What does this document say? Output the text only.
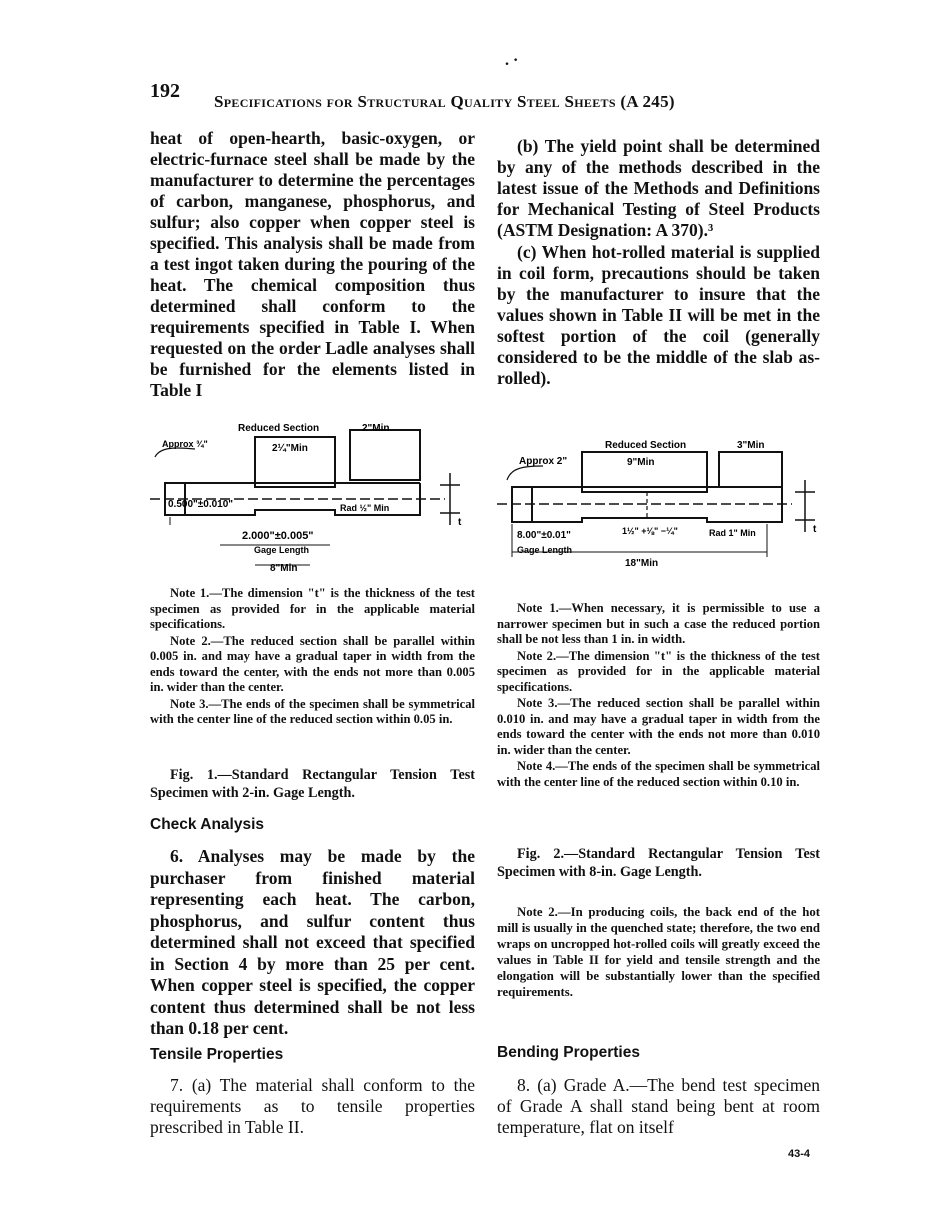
. ·
192 Specifications for Structural Quality Steel Sheets (A 245)

heat of open-hearth, basic-oxygen, or electric-furnace steel shall be made by the manufacturer to determine the percentages of carbon, manganese, phosphorus, and sulfur; also copper when copper steel is specified. This analysis shall be made from a test ingot taken during the pouring of the heat. The chemical composition thus determined shall conform to the requirements specified in Table I. When requested on the order Ladle analyses shall be furnished for the elements listed in Table I

Reduced Section	2"Min
Approx ¾"	2¼"Min
0.500"±0.010"	Rad ½" Min
2.000"±0.005"
Gage Length
8"Min
t

Note 1.—The dimension "t" is the thickness of the test specimen as provided for in the applicable material specifications.

Note 2.—The reduced section shall be parallel within 0.005 in. and may have a gradual taper in width from the ends toward the center, with the ends not more than 0.005 in. wider than the center.

Note 3.—The ends of the specimen shall be symmetrical with the center line of the reduced section within 0.05 in.

Fig. 1.—Standard Rectangular Tension Test Specimen with 2-in. Gage Length.

Check Analysis

6. Analyses may be made by the purchaser from finished material representing each heat. The carbon, phosphorus, and sulfur content thus determined shall not exceed that specified in Section 4 by more than 25 per cent. When copper steel is specified, the copper content thus determined shall be not less than 0.18 per cent.

Tensile Properties

7. (a) The material shall conform to the requirements as to tensile properties prescribed in Table II.

(b) The yield point shall be determined by any of the methods described in the latest issue of the Methods and Definitions for Mechanical Testing of Steel Products (ASTM Designation: A 370).³

(c) When hot-rolled material is supplied in coil form, precautions should be taken by the manufacturer to insure that the values shown in Table II will be met in the softest portion of the coil (generally considered to be the middle of the slab as-rolled).

Reduced Section	3"Min
Approx 2"	9"Min
8.00"±0.01"
Gage Length
1½" +⅛" −¼"	Rad 1" Min
18"Min
t

Note 1.—When necessary, it is permissible to use a narrower specimen but in such a case the reduced portion shall be not less than 1 in. in width.

Note 2.—The dimension "t" is the thickness of the test specimen as provided for in the applicable material specifications.

Note 3.—The reduced section shall be parallel within 0.010 in. and may have a gradual taper in width from the ends toward the center with the ends not more than 0.010 in. wider than the center.

Note 4.—The ends of the specimen shall be symmetrical with the center line of the reduced section within 0.10 in.

Fig. 2.—Standard Rectangular Tension Test Specimen with 8-in. Gage Length.

Note 2.—In producing coils, the back end of the hot mill is usually in the quenched state; therefore, the two end wraps on uncropped hot-rolled coils will greatly exceed the values in Table II for yield and tensile strength and the elongation will be substantially lower than the specified requirements.

Bending Properties

8. (a) Grade A.—The bend test specimen of Grade A shall stand being bent at room temperature, flat on itself

43-4
